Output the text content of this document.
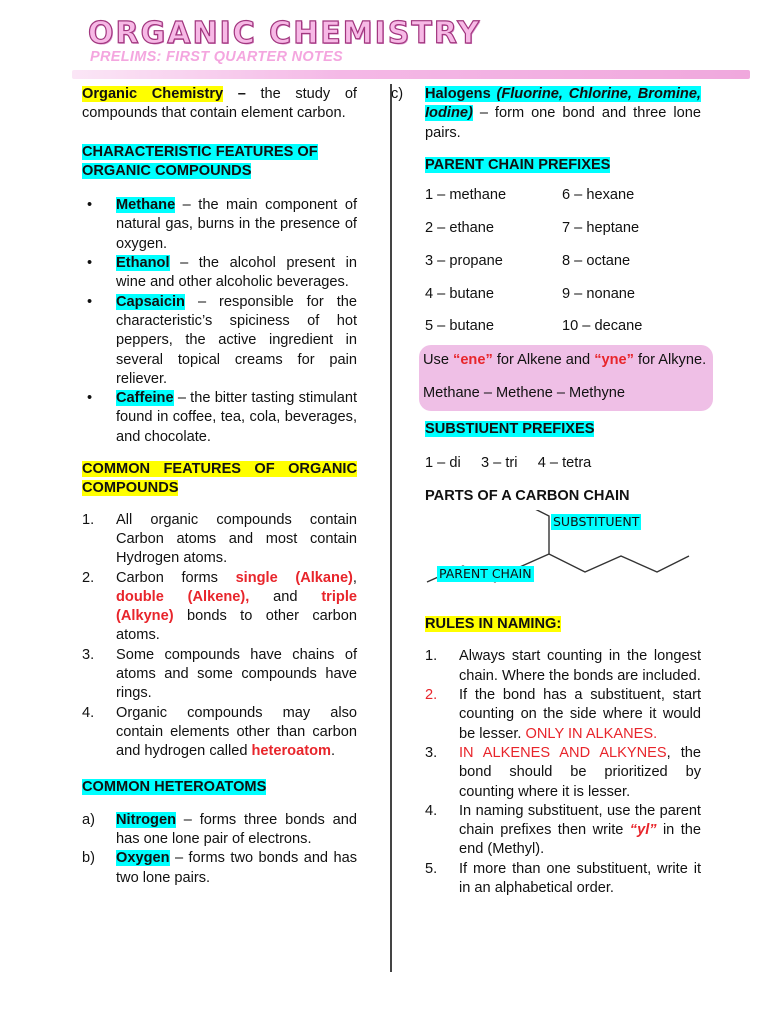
ORGANIC CHEMISTRY
PRELIMS: FIRST QUARTER NOTES
Organic Chemistry – the study of compounds that contain element carbon.
CHARACTERISTIC FEATURES OF ORGANIC COMPOUNDS
• Methane – the main component of natural gas, burns in the presence of oxygen.
• Ethanol – the alcohol present in wine and other alcoholic beverages.
• Capsaicin – responsible for the characteristic’s spiciness of hot peppers, the active ingredient in several topical creams for pain reliever.
• Caffeine – the bitter tasting stimulant found in coffee, tea, cola, beverages, and chocolate.
COMMON FEATURES OF ORGANIC COMPOUNDS
1. All organic compounds contain Carbon atoms and most contain Hydrogen atoms.
2. Carbon forms single (Alkane), double (Alkene), and triple (Alkyne) bonds to other carbon atoms.
3. Some compounds have chains of atoms and some compounds have rings.
4. Organic compounds may also contain elements other than carbon and hydrogen called heteroatom.
COMMON HETEROATOMS
a) Nitrogen – forms three bonds and has one lone pair of electrons.
b) Oxygen – forms two bonds and has two lone pairs.
c) Halogens (Fluorine, Chlorine, Bromine, Iodine) – form one bond and three lone pairs.
PARENT CHAIN PREFIXES
1 – methane	6 – hexane
2 – ethane	7 – heptane
3 – propane	8 – octane
4 – butane	9 – nonane
5 – butane	10 – decane

Use “ene” for Alkene and “yne” for Alkyne.

Methane – Methene – Methyne

SUBSTIUENT PREFIXES
1 – di     3 – tri     4 – tetra
PARTS OF A CARBON CHAIN
SUBSTITUENT
PARENT CHAIN
RULES IN NAMING:
1. Always start counting in the longest chain. Where the bonds are included.
2. If the bond has a substituent, start counting on the side where it would be lesser. ONLY IN ALKANES.
3. IN ALKENES AND ALKYNES, the bond should be prioritized by counting where it is lesser.
4. In naming substituent, use the parent chain prefixes then write “yl” in the end (Methyl).
5. If more than one substituent, write it in an alphabetical order.
